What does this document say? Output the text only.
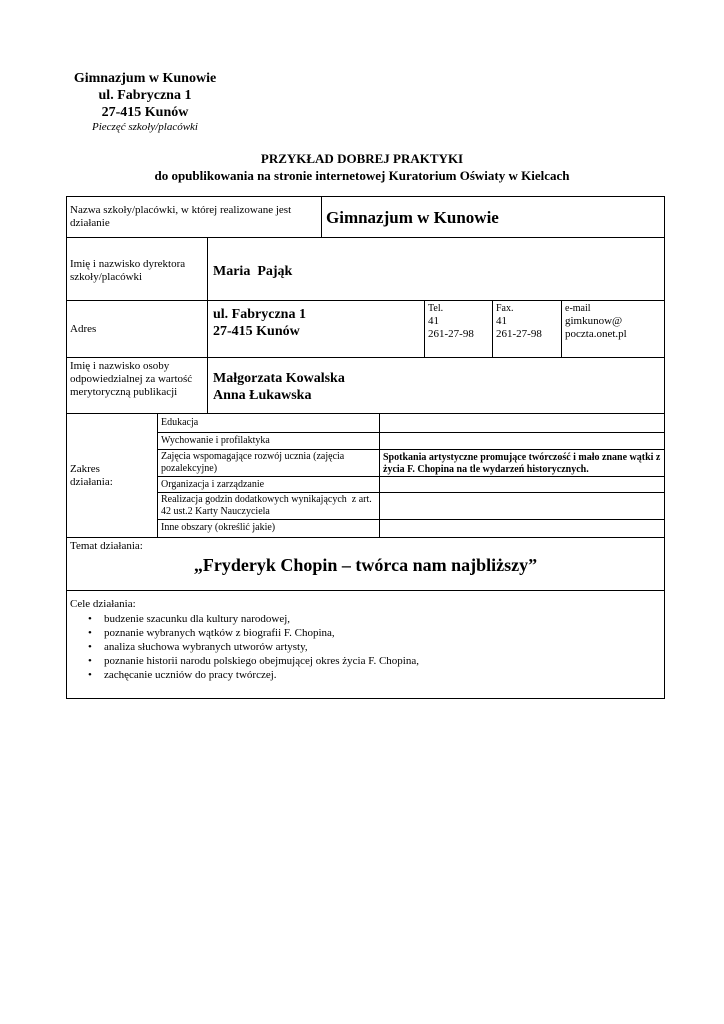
Gimnazjum w Kunowie
ul. Fabryczna 1
27-415 Kunów
Pieczęć szkoły/placówki
PRZYKŁAD DOBREJ PRAKTYKI
do opublikowania na stronie internetowej Kuratorium Oświaty w Kielcach
Nazwa szkoły/placówki, w której realizowane jest działanie	Gimnazjum w Kunowie
Imię i nazwisko dyrektora szkoły/placówki	Maria  Pająk
Adres
ul. Fabryczna 1
27-415 Kunów
Tel.
41
261-27-98
Fax.
41
261-27-98
e-mail
gimkunow@
poczta.onet.pl
Imię i nazwisko osoby odpowiedzialnej za wartość merytoryczną publikacji
Małgorzata Kowalska
Anna Łukawska
Zakres
działania:
Edukacja
Wychowanie i profilaktyka
Zajęcia wspomagające rozwój ucznia (zajęcia pozalekcyjne)
Organizacja i zarządzanie
Realizacja godzin dodatkowych wynikających  z art. 42 ust.2 Karty Nauczyciela
Inne obszary (określić jakie)
Spotkania artystyczne promujące twórczość i mało znane wątki z życia F. Chopina na tle wydarzeń historycznych.
Temat działania:
„Fryderyk Chopin – twórca nam najbliższy”
Cele działania:
• budzenie szacunku dla kultury narodowej,
• poznanie wybranych wątków z biografii F. Chopina,
• analiza słuchowa wybranych utworów artysty,
• poznanie historii narodu polskiego obejmującej okres życia F. Chopina,
• zachęcanie uczniów do pracy twórczej.
